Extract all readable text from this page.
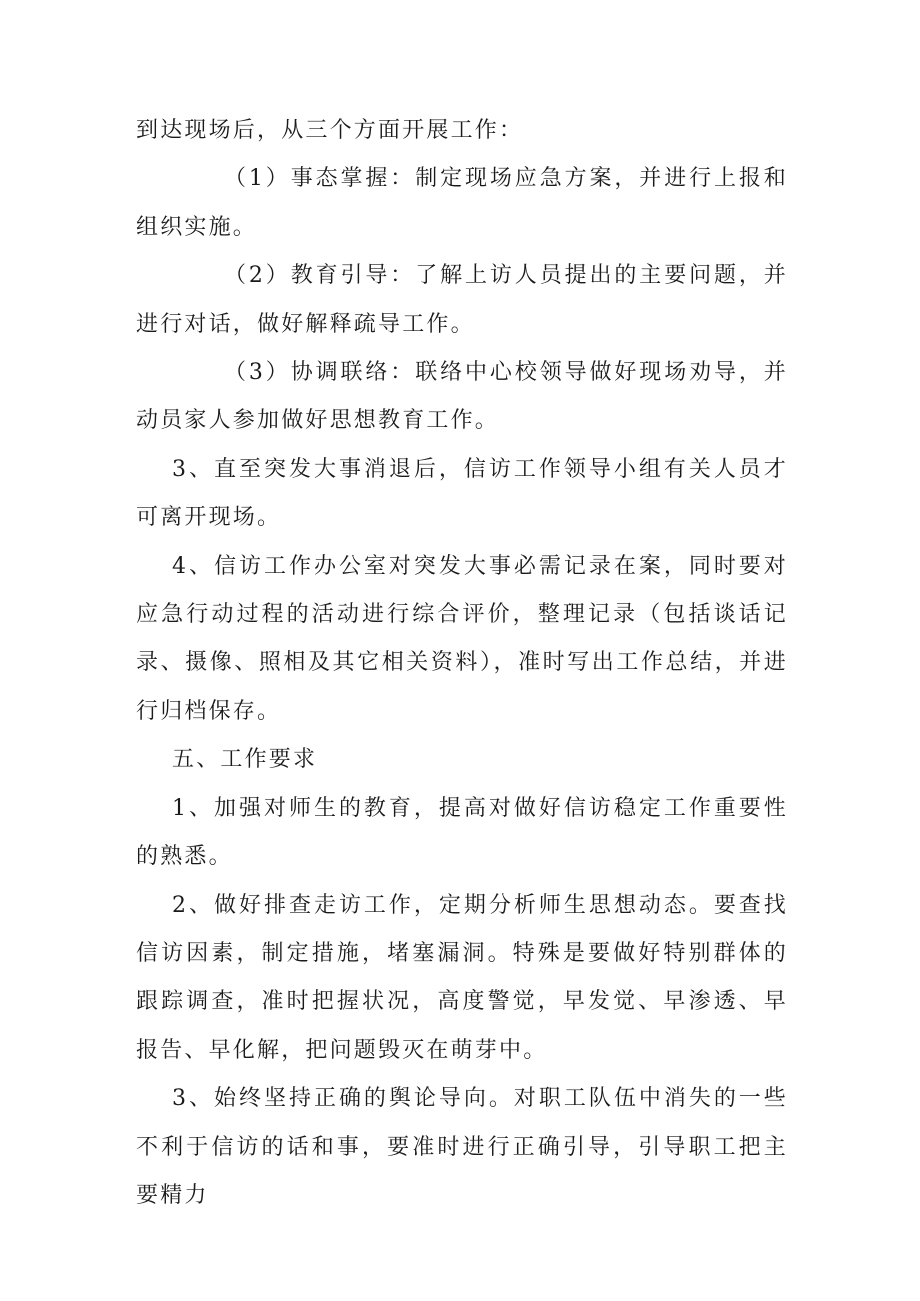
到达现场后，从三个方面开展工作：

（1）事态掌握：制定现场应急方案，并进行上报和组织实施。

（2）教育引导：了解上访人员提出的主要问题，并进行对话，做好解释疏导工作。

（3）协调联络：联络中心校领导做好现场劝导，并动员家人参加做好思想教育工作。

3、直至突发大事消退后，信访工作领导小组有关人员才可离开现场。

4、信访工作办公室对突发大事必需记录在案，同时要对应急行动过程的活动进行综合评价，整理记录（包括谈话记录、摄像、照相及其它相关资料），准时写出工作总结，并进行归档保存。

五、工作要求

1、加强对师生的教育，提高对做好信访稳定工作重要性的熟悉。

2、做好排查走访工作，定期分析师生思想动态。要查找信访因素，制定措施，堵塞漏洞。特殊是要做好特别群体的跟踪调查，准时把握状况，高度警觉，早发觉、早渗透、早报告、早化解，把问题毁灭在萌芽中。

3、始终坚持正确的舆论导向。对职工队伍中消失的一些不利于信访的话和事，要准时进行正确引导，引导职工把主要精力
